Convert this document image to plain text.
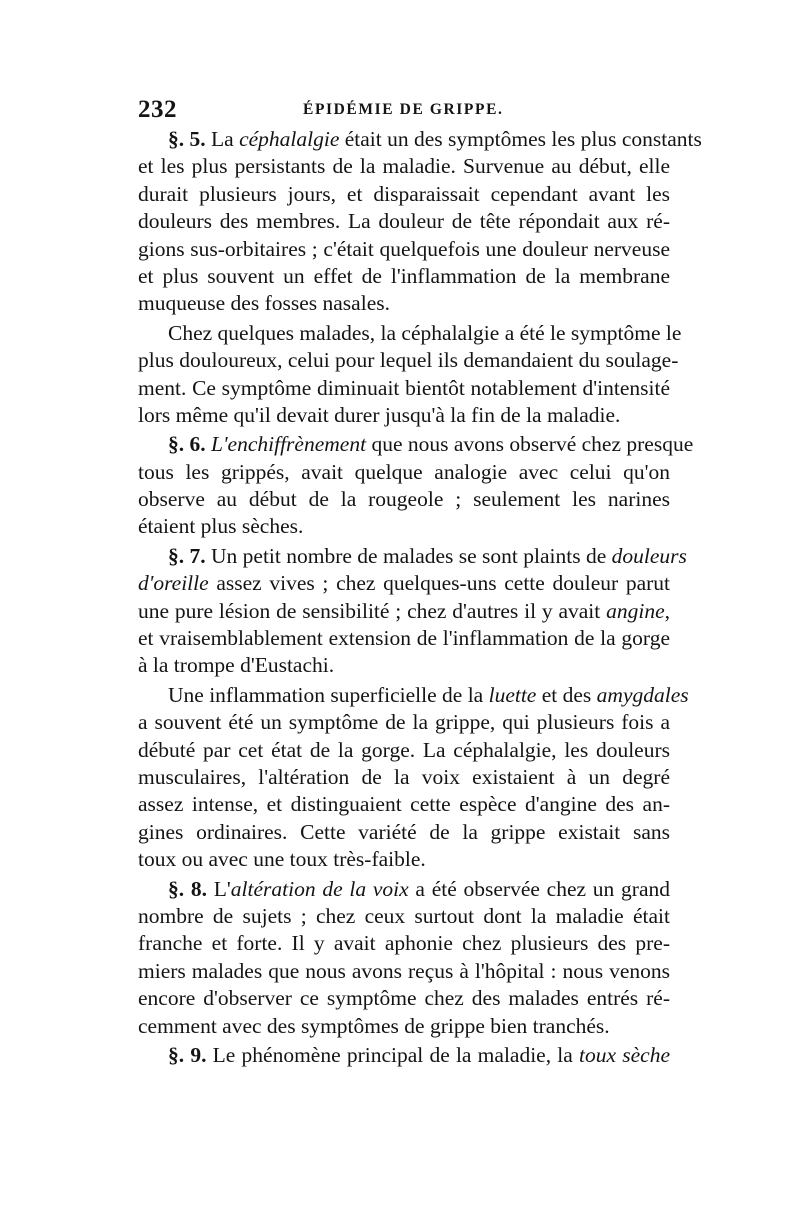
232	ÉPIDÉMIE DE GRIPPE.
§. 5. La céphalalgie était un des symptômes les plus constants
et les plus persistants de la maladie. Survenue au début, elle
durait plusieurs jours, et disparaissait cependant avant les
douleurs des membres. La douleur de tête répondait aux ré-
gions sus-orbitaires ; c'était quelquefois une douleur nerveuse
et plus souvent un effet de l'inflammation de la membrane
muqueuse des fosses nasales.
Chez quelques malades, la céphalalgie a été le symptôme le
plus douloureux, celui pour lequel ils demandaient du soulage-
ment. Ce symptôme diminuait bientôt notablement d'intensité
lors même qu'il devait durer jusqu'à la fin de la maladie.
§. 6. L'enchiffrènement que nous avons observé chez presque
tous les grippés, avait quelque analogie avec celui qu'on
observe au début de la rougeole ; seulement les narines
étaient plus sèches.
§. 7. Un petit nombre de malades se sont plaints de douleurs
d'oreille assez vives ; chez quelques-uns cette douleur parut
une pure lésion de sensibilité ; chez d'autres il y avait angine,
et vraisemblablement extension de l'inflammation de la gorge
à la trompe d'Eustachi.
Une inflammation superficielle de la luette et des amygdales
a souvent été un symptôme de la grippe, qui plusieurs fois a
débuté par cet état de la gorge. La céphalalgie, les douleurs
musculaires, l'altération de la voix existaient à un degré
assez intense, et distinguaient cette espèce d'angine des an-
gines ordinaires. Cette variété de la grippe existait sans
toux ou avec une toux très-faible.
§. 8. L'altération de la voix a été observée chez un grand
nombre de sujets ; chez ceux surtout dont la maladie était
franche et forte. Il y avait aphonie chez plusieurs des pre-
miers malades que nous avons reçus à l'hôpital : nous venons
encore d'observer ce symptôme chez des malades entrés ré-
cemment avec des symptômes de grippe bien tranchés.
§. 9. Le phénomène principal de la maladie, la toux sèche
